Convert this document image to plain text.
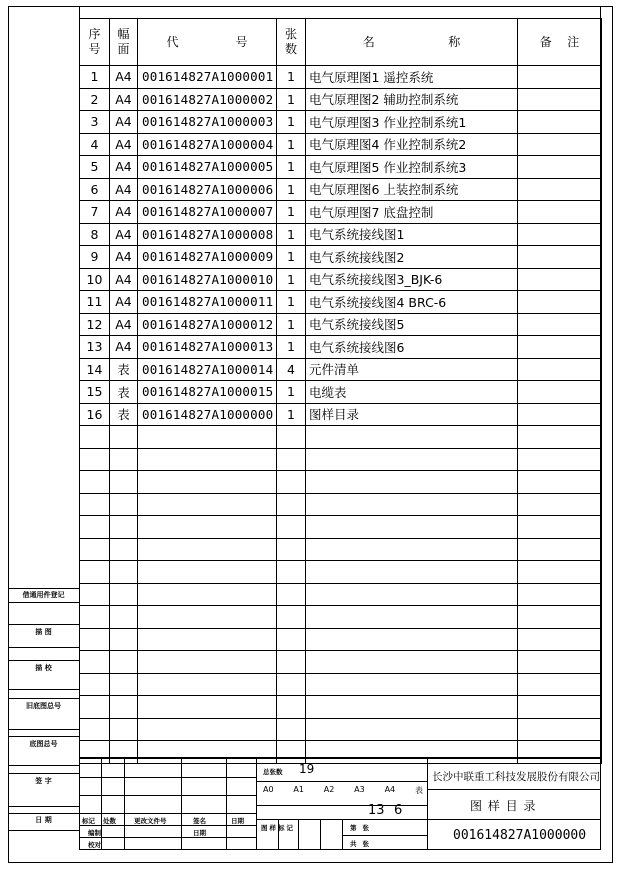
序号	幅面	代 号	张数	名 称	备 注

1	A4	001614827A1000001	1	电气原理图1 遥控系统	
2	A4	001614827A1000002	1	电气原理图2 辅助控制系统	
3	A4	001614827A1000003	1	电气原理图3 作业控制系统1	
4	A4	001614827A1000004	1	电气原理图4 作业控制系统2	
5	A4	001614827A1000005	1	电气原理图5 作业控制系统3	
6	A4	001614827A1000006	1	电气原理图6 上装控制系统	
7	A4	001614827A1000007	1	电气原理图7 底盘控制	
8	A4	001614827A1000008	1	电气系统接线图1	
9	A4	001614827A1000009	1	电气系统接线图2	
10	A4	001614827A1000010	1	电气系统接线图3_BJK-6	
11	A4	001614827A1000011	1	电气系统接线图4 BRC-6	
12	A4	001614827A1000012	1	电气系统接线图5	
13	A4	001614827A1000013	1	电气系统接线图6	
14	表	001614827A1000014	4	元件清单	
15	表	001614827A1000015	1	电缆表	
16	表	001614827A1000000	1	图样目录	

借通用件登记
描 图
描 校
旧底图总号
底图总号
签 字
日 期	标记 处数	更改文件号	签名	日期
编制	日期
校对
总张数 19
A0 A1 A2 A3 A4 表
13 6
图样标记	第张
共张
长沙中联重工科技发展股份有限公司
图 样 目 录
001614827A1000000
